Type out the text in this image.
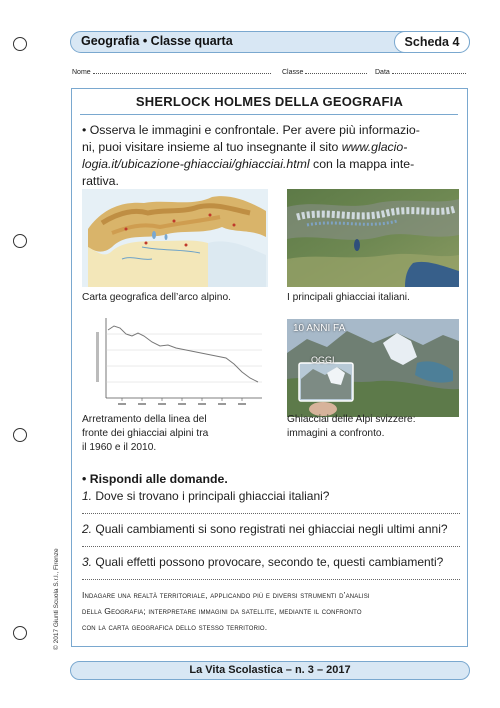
Geografia • Classe quarta	Scheda 4
Nome	Classe	Data
SHERLOCK HOLMES DELLA GEOGRAFIA
• Osserva le immagini e confrontale. Per avere più informazio-
ni, puoi visitare insieme al tuo insegnante il sito www.glacio-
logia.it/ubicazione-ghiacciai/ghiacciai.html con la mappa inte-
rattiva.
Carta geografica dell’arco alpino.	I principali ghiacciai italiani.
Arretramento della linea del
fronte dei ghiacciai alpini tra
il 1960 e il 2010.
10 ANNI FA
OGGI
Ghiacciai delle Alpi svizzere:
immagini a confronto.
• Rispondi alle domande.
1. Dove si trovano i principali ghiacciai italiani?
2. Quali cambiamenti si sono registrati nei ghiacciai negli ultimi anni?
3. Quali effetti possono provocare, secondo te, questi cambiamenti?
Indagare una realtà territoriale, applicando più e diversi strumenti d’analisi
della Geografia; interpretare immagini da satellite, mediante il confronto
con la carta geografica dello stesso territorio.
© 2017 Giunti Scuola S.r.l., Firenze
La Vita Scolastica – n. 3 – 2017
